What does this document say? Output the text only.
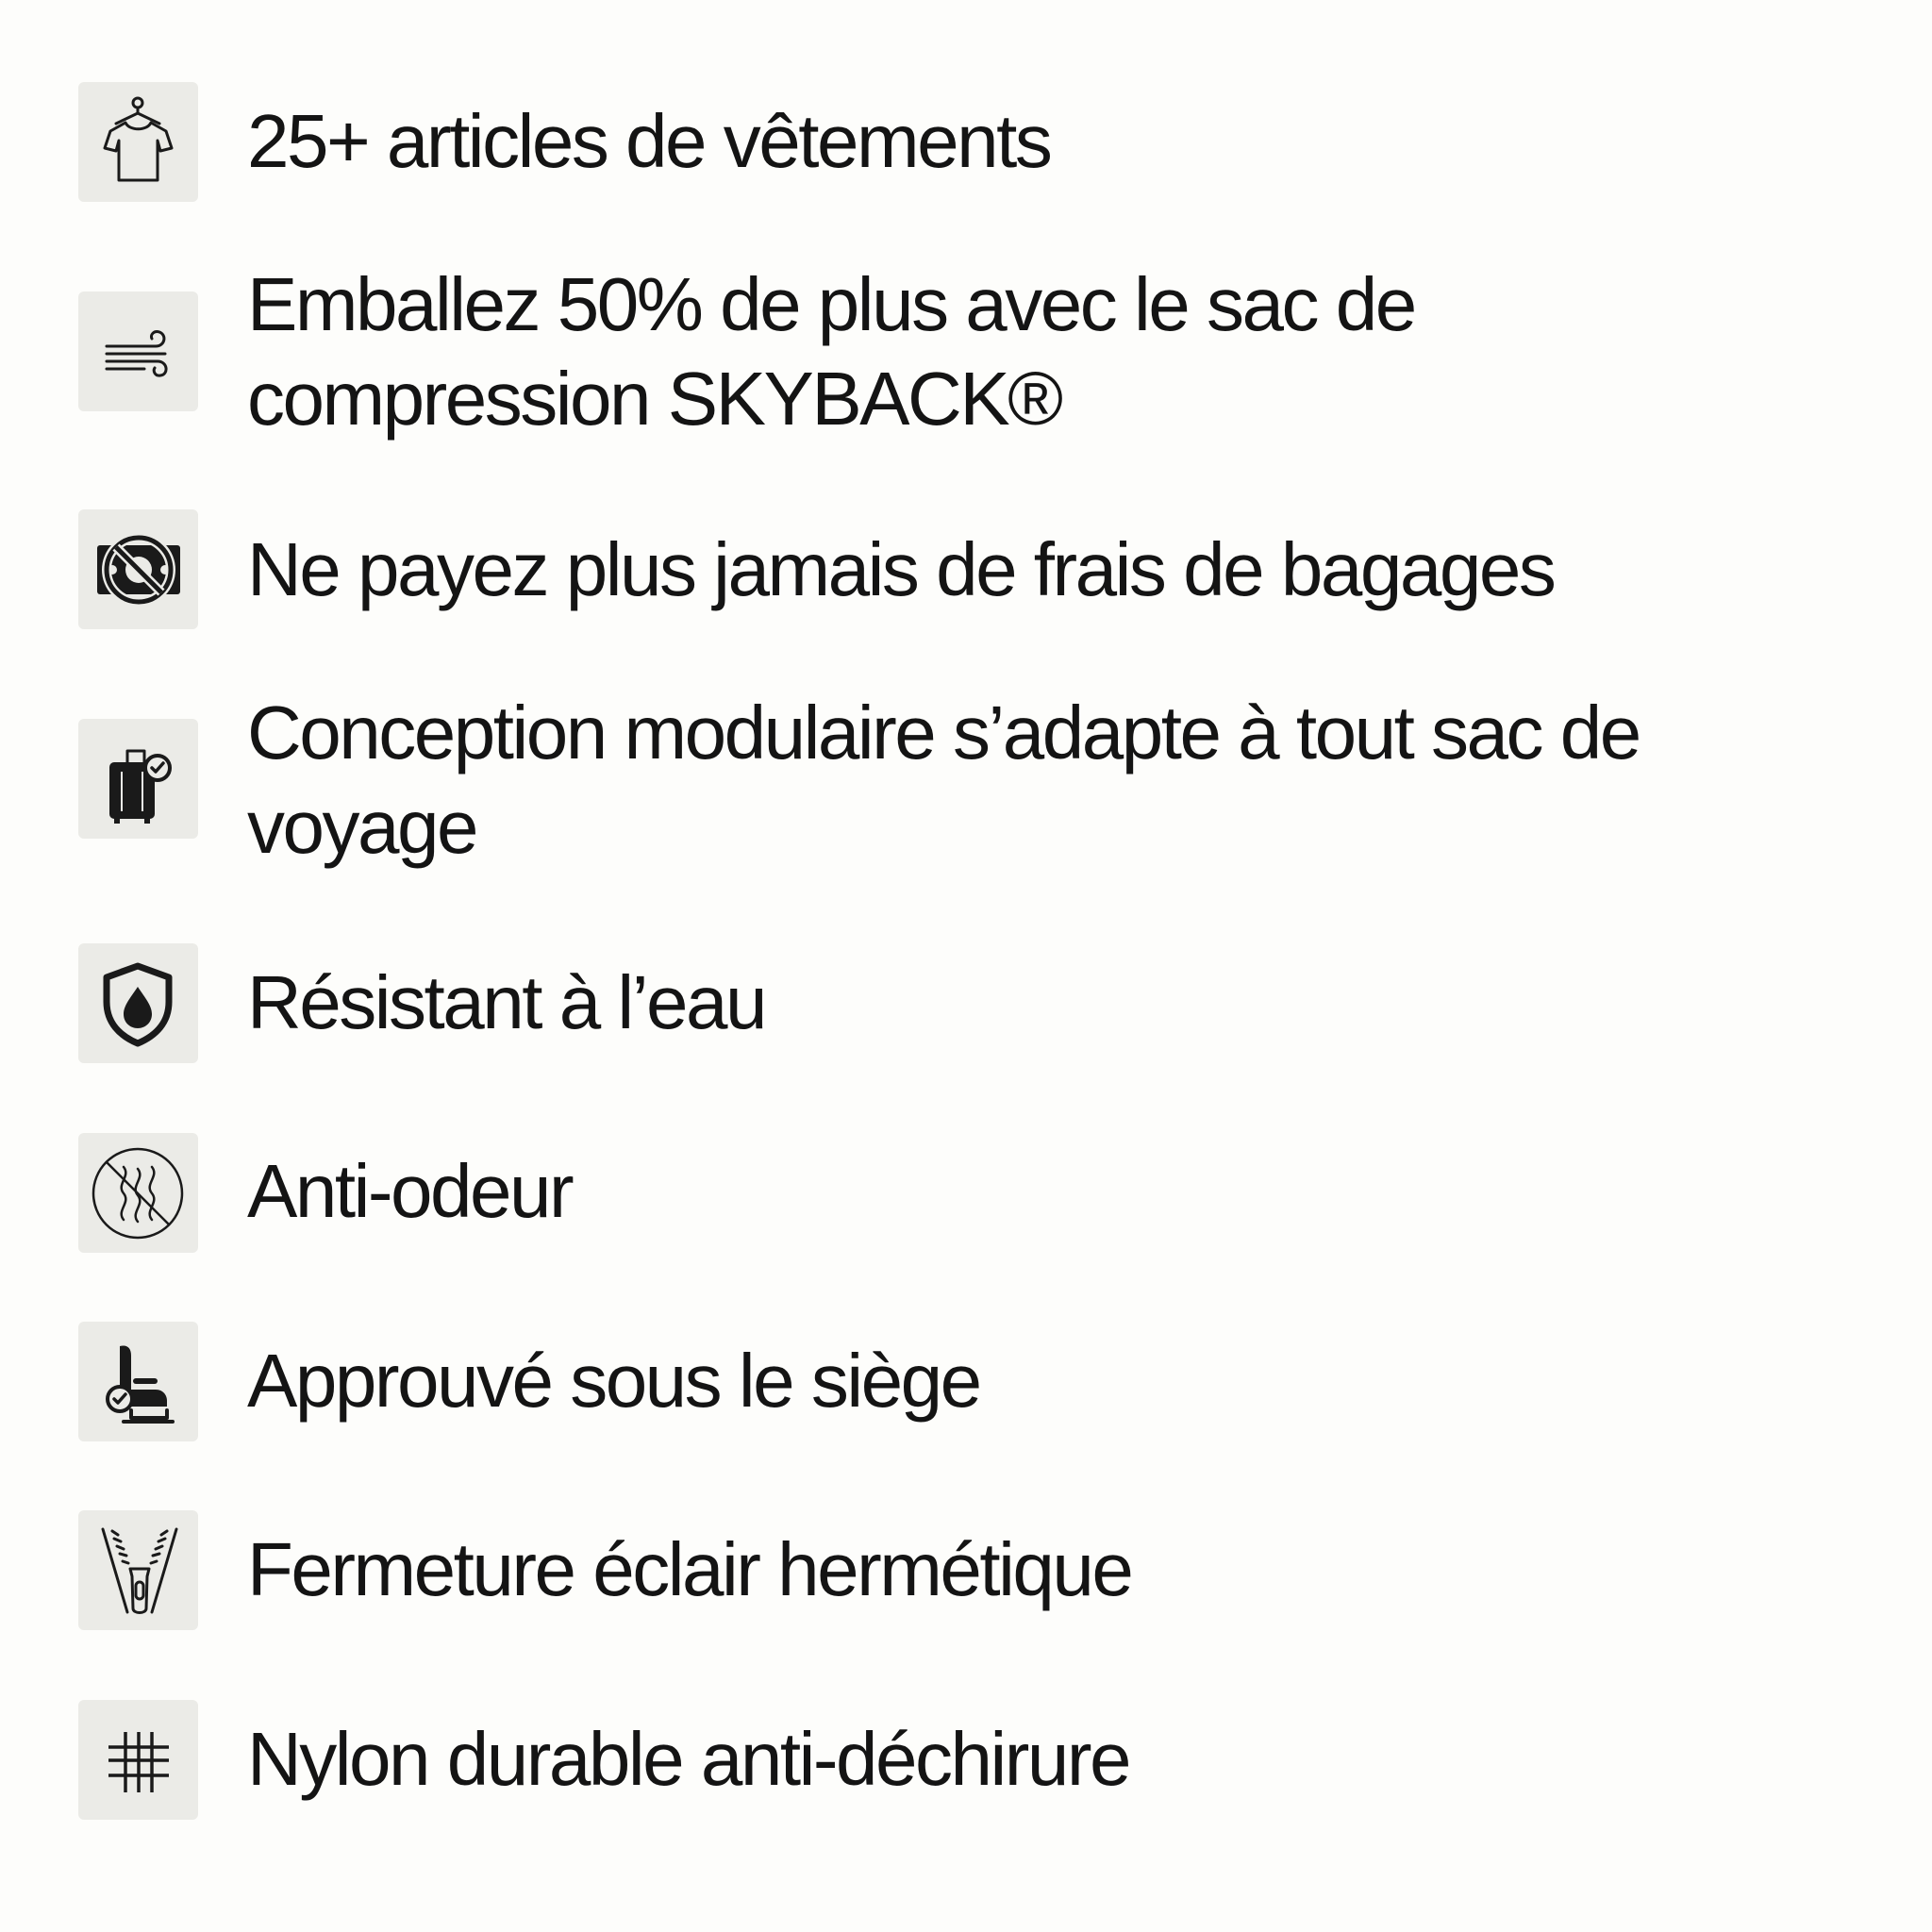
25+ articles de vêtements
Emballez 50% de plus avec le sac de
compression SKYBACK®
Ne payez plus jamais de frais de bagages
Conception modulaire s’adapte à tout sac de
voyage
Résistant à l’eau
Anti-odeur
Approuvé sous le siège
Fermeture éclair hermétique
Nylon durable anti-déchirure
